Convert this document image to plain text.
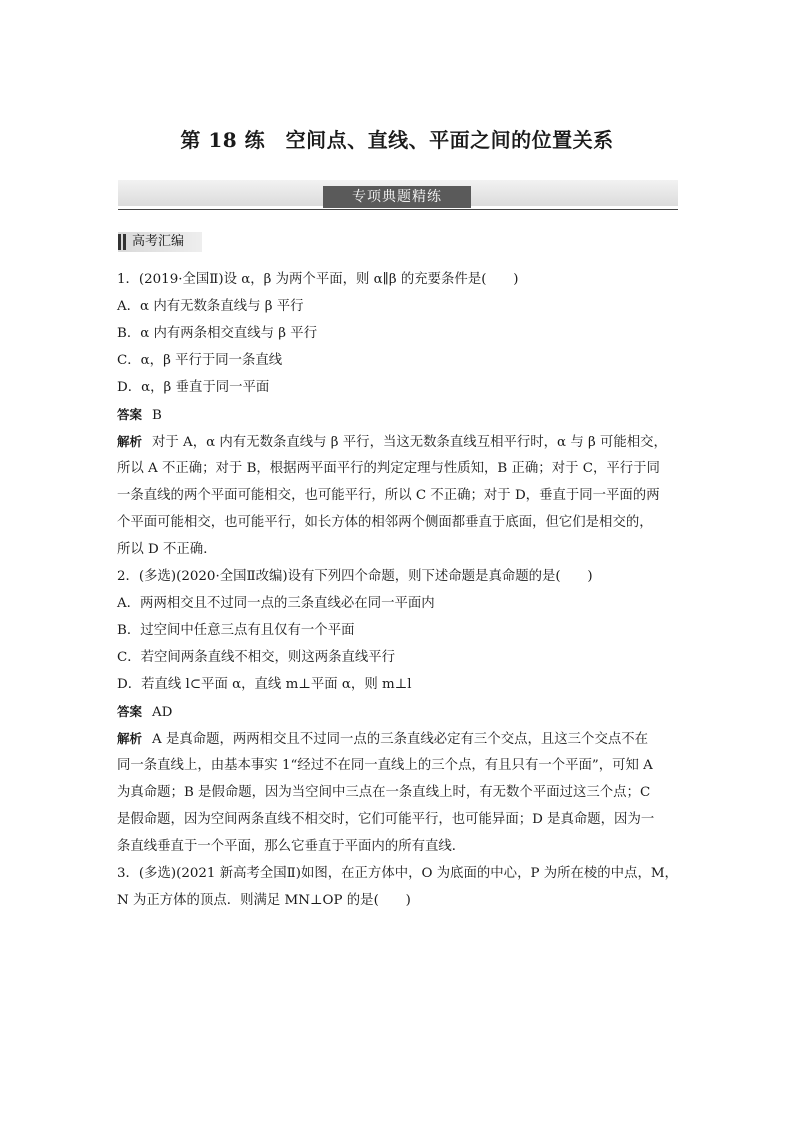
第 18 练　空间点、直线、平面之间的位置关系
专项典题精练
高考汇编
1．(2019·全国Ⅱ)设 α，β 为两个平面，则 α∥β 的充要条件是(　　)
A．α 内有无数条直线与 β 平行
B．α 内有两条相交直线与 β 平行
C．α，β 平行于同一条直线
D．α，β 垂直于同一平面
答案 B
解析 对于 A，α 内有无数条直线与 β 平行，当这无数条直线互相平行时，α 与 β 可能相交，
所以 A 不正确；对于 B，根据两平面平行的判定定理与性质知，B 正确；对于 C，平行于同
一条直线的两个平面可能相交，也可能平行，所以 C 不正确；对于 D，垂直于同一平面的两
个平面可能相交，也可能平行，如长方体的相邻两个侧面都垂直于底面，但它们是相交的，
所以 D 不正确．
2．(多选)(2020·全国Ⅱ改编)设有下列四个命题，则下述命题是真命题的是(　　)
A．两两相交且不过同一点的三条直线必在同一平面内
B．过空间中任意三点有且仅有一个平面
C．若空间两条直线不相交，则这两条直线平行
D．若直线 l⊂平面 α，直线 m⊥平面 α，则 m⊥l
答案 AD
解析 A 是真命题，两两相交且不过同一点的三条直线必定有三个交点，且这三个交点不在
同一条直线上，由基本事实 1“经过不在同一直线上的三个点，有且只有一个平面”，可知 A
为真命题；B 是假命题，因为当空间中三点在一条直线上时，有无数个平面过这三个点；C
是假命题，因为空间两条直线不相交时，它们可能平行，也可能异面；D 是真命题，因为一
条直线垂直于一个平面，那么它垂直于平面内的所有直线．
3．(多选)(2021 新高考全国Ⅱ)如图，在正方体中，O 为底面的中心，P 为所在棱的中点，M，
N 为正方体的顶点．则满足 MN⊥OP 的是(　　)
